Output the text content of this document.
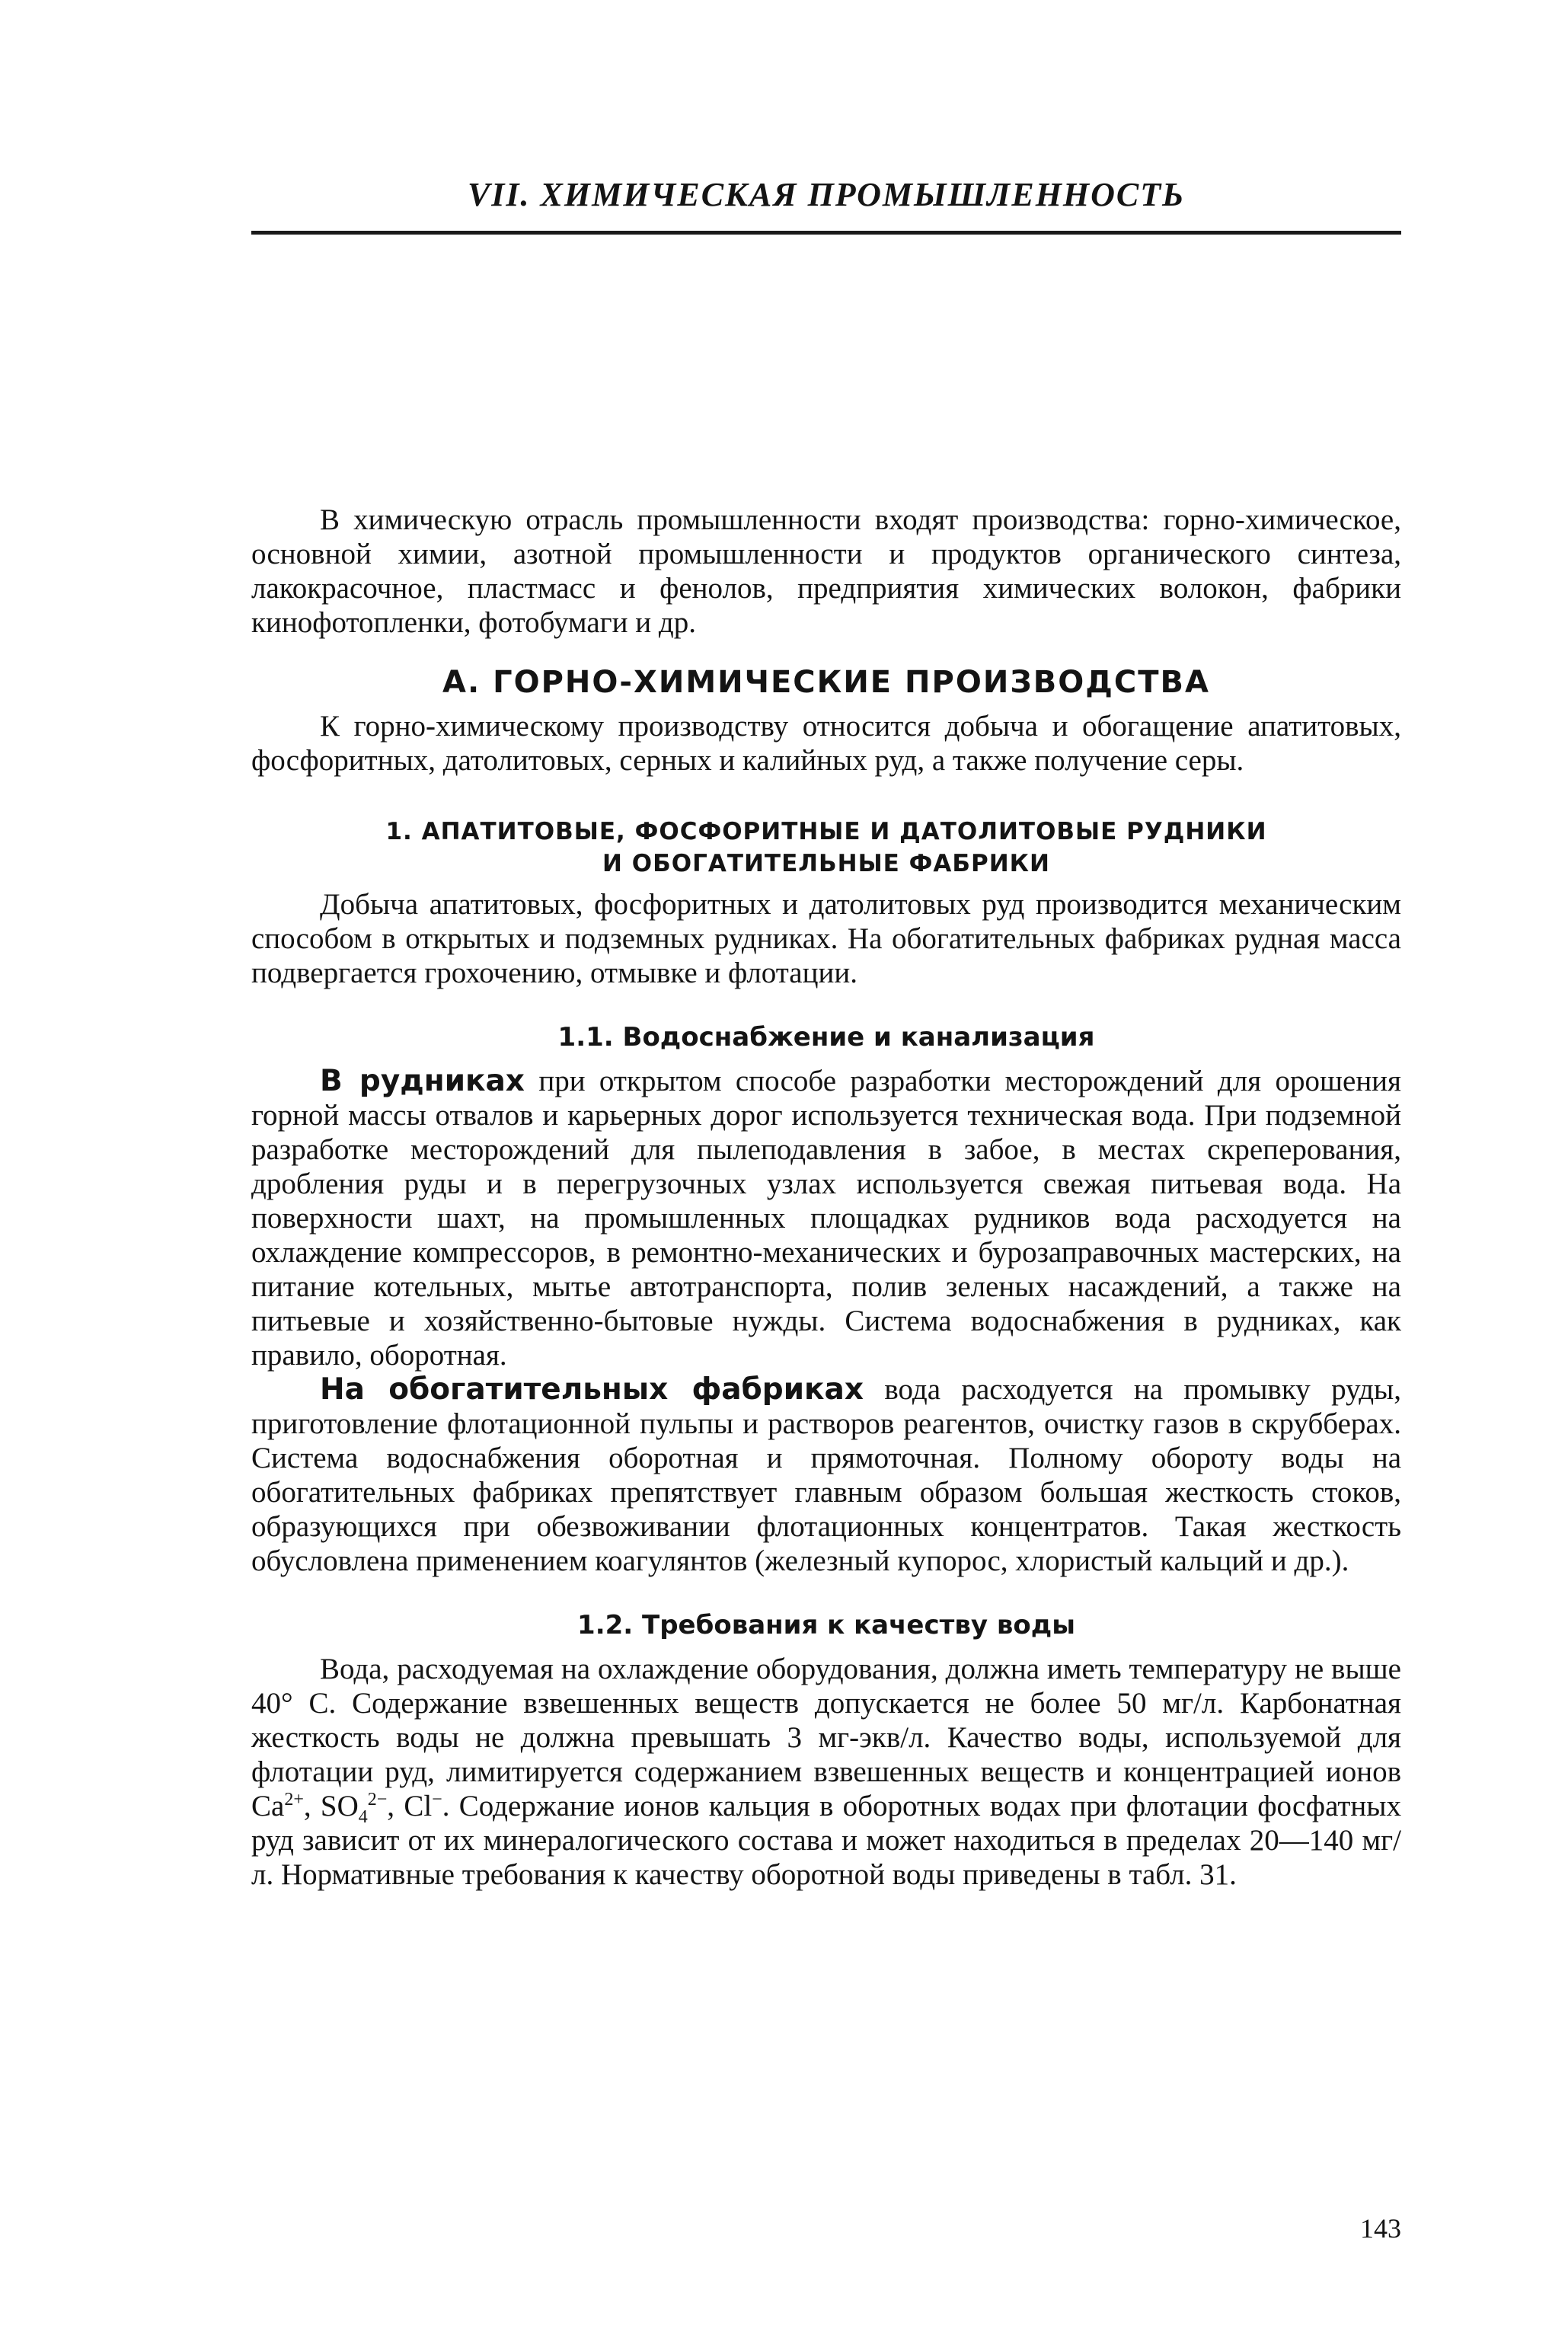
VII. ХИМИЧЕСКАЯ ПРОМЫШЛЕННОСТЬ

В химическую отрасль промышленности входят производства: горно-химическое, основной химии, азотной промышленности и продуктов органического синтеза, лакокрасочное, пластмасс и фенолов, предприятия химических волокон, фабрики кинофотопленки, фотобумаги и др.

А. ГОРНО-ХИМИЧЕСКИЕ ПРОИЗВОДСТВА

К горно-химическому производству относится добыча и обогащение апатитовых, фосфоритных, датолитовых, серных и калийных руд, а также получение серы.

1. АПАТИТОВЫЕ, ФОСФОРИТНЫЕ И ДАТОЛИТОВЫЕ РУДНИКИ
И ОБОГАТИТЕЛЬНЫЕ ФАБРИКИ

Добыча апатитовых, фосфоритных и датолитовых руд производится механическим способом в открытых и подземных рудниках. На обогатительных фабриках рудная масса подвергается грохочению, отмывке и флотации.

1.1. Водоснабжение и канализация

В рудниках при открытом способе разработки месторождений для орошения горной массы отвалов и карьерных дорог используется техническая вода. При подземной разработке месторождений для пылеподавления в забое, в местах скреперования, дробления руды и в перегрузочных узлах используется свежая питьевая вода. На поверхности шахт, на промышленных площадках рудников вода расходуется на охлаждение компрессоров, в ремонтно-механических и бурозаправочных мастерских, на питание котельных, мытье автотранспорта, полив зеленых насаждений, а также на питьевые и хозяйственно-бытовые нужды. Система водоснабжения в рудниках, как правило, оборотная.

На обогатительных фабриках вода расходуется на промывку руды, приготовление флотационной пульпы и растворов реагентов, очистку газов в скрубберах. Система водоснабжения оборотная и прямоточная. Полному обороту воды на обогатительных фабриках препятствует главным образом большая жесткость стоков, образующихся при обезвоживании флотационных концентратов. Такая жесткость обусловлена применением коагулянтов (железный купорос, хлористый кальций и др.).

1.2. Требования к качеству воды

Вода, расходуемая на охлаждение оборудования, должна иметь температуру не выше 40° С. Содержание взвешенных веществ допускается не более 50 мг/л. Карбонатная жесткость воды не должна превышать 3 мг-экв/л. Качество воды, используемой для флотации руд, лимитируется содержанием взвешенных веществ и концентрацией ионов $Ca^{2+}$, $SO_4^{2-}$, Cl−. Содержание ионов кальция в оборотных водах при флотации фосфатных руд зависит от их минералогического состава и может находиться в пределах 20—140 мг/л. Нормативные требования к качеству оборотной воды приведены в табл. 31.

143
